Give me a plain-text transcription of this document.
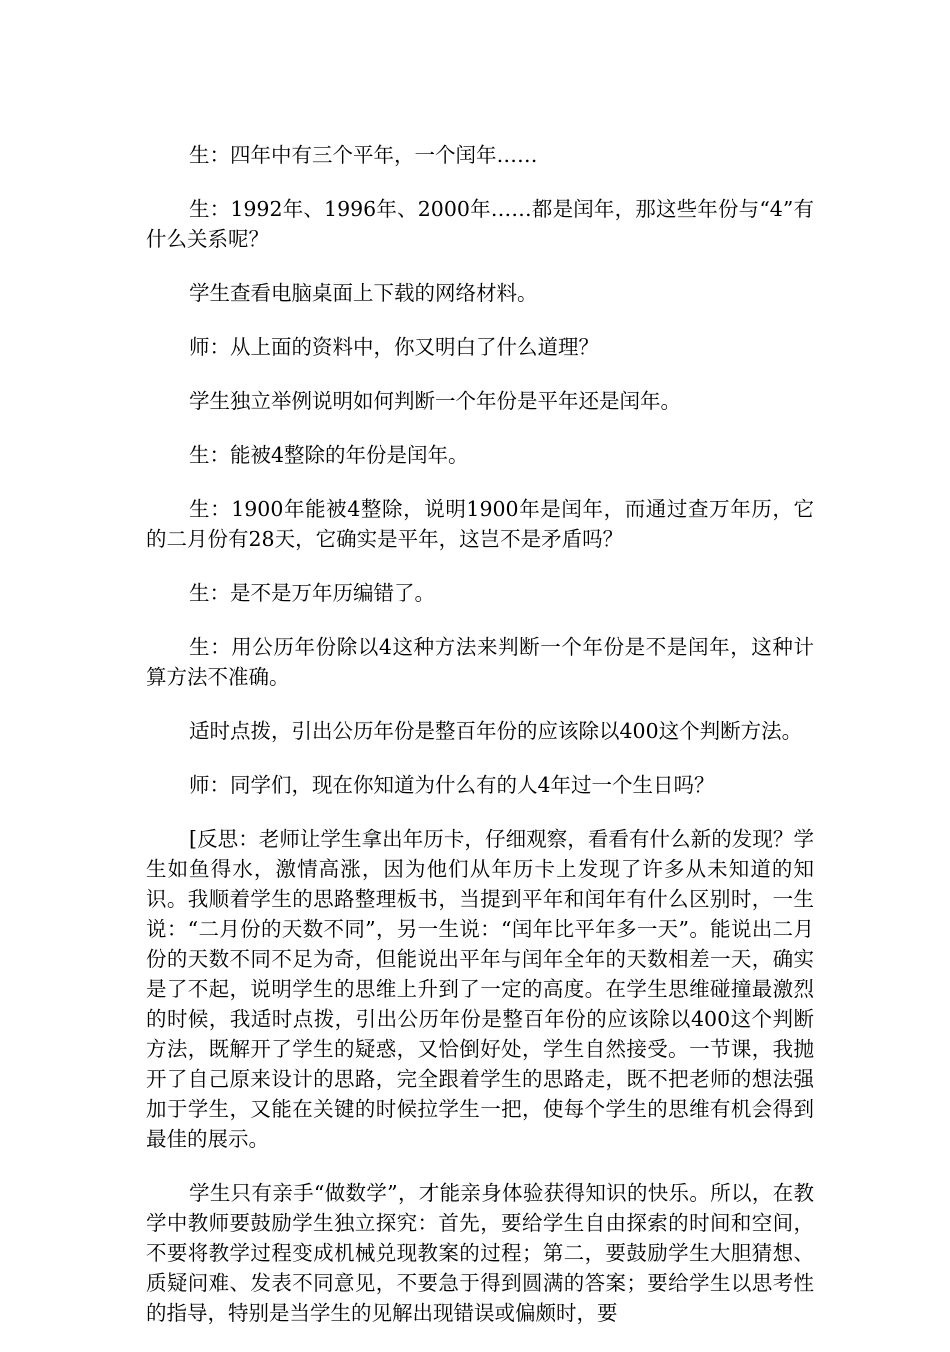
生：四年中有三个平年，一个闰年……

生：1992年、1996年、2000年……都是闰年，那这些年份与“4”有什么关系呢？

学生查看电脑桌面上下载的网络材料。

师：从上面的资料中，你又明白了什么道理？

学生独立举例说明如何判断一个年份是平年还是闰年。

生：能被4整除的年份是闰年。

生：1900年能被4整除，说明1900年是闰年，而通过查万年历，它的二月份有28天，它确实是平年，这岂不是矛盾吗？

生：是不是万年历编错了。

生：用公历年份除以4这种方法来判断一个年份是不是闰年，这种计算方法不准确。

适时点拨，引出公历年份是整百年份的应该除以400这个判断方法。

师：同学们，现在你知道为什么有的人4年过一个生日吗？

[反思：老师让学生拿出年历卡，仔细观察，看看有什么新的发现？学生如鱼得水，激情高涨，因为他们从年历卡上发现了许多从未知道的知识。我顺着学生的思路整理板书，当提到平年和闰年有什么区别时，一生说：“二月份的天数不同”，另一生说：“闰年比平年多一天”。能说出二月份的天数不同不足为奇，但能说出平年与闰年全年的天数相差一天，确实是了不起，说明学生的思维上升到了一定的高度。在学生思维碰撞最激烈的时候，我适时点拨，引出公历年份是整百年份的应该除以400这个判断方法，既解开了学生的疑惑，又恰倒好处，学生自然接受。一节课，我抛开了自己原来设计的思路，完全跟着学生的思路走，既不把老师的想法强加于学生，又能在关键的时候拉学生一把，使每个学生的思维有机会得到最佳的展示。

学生只有亲手“做数学”，才能亲身体验获得知识的快乐。所以，在教学中教师要鼓励学生独立探究：首先，要给学生自由探索的时间和空间，不要将教学过程变成机械兑现教案的过程；第二，要鼓励学生大胆猜想、质疑问难、发表不同意见，不要急于得到圆满的答案；要给学生以思考性的指导，特别是当学生的见解出现错误或偏颇时，要
